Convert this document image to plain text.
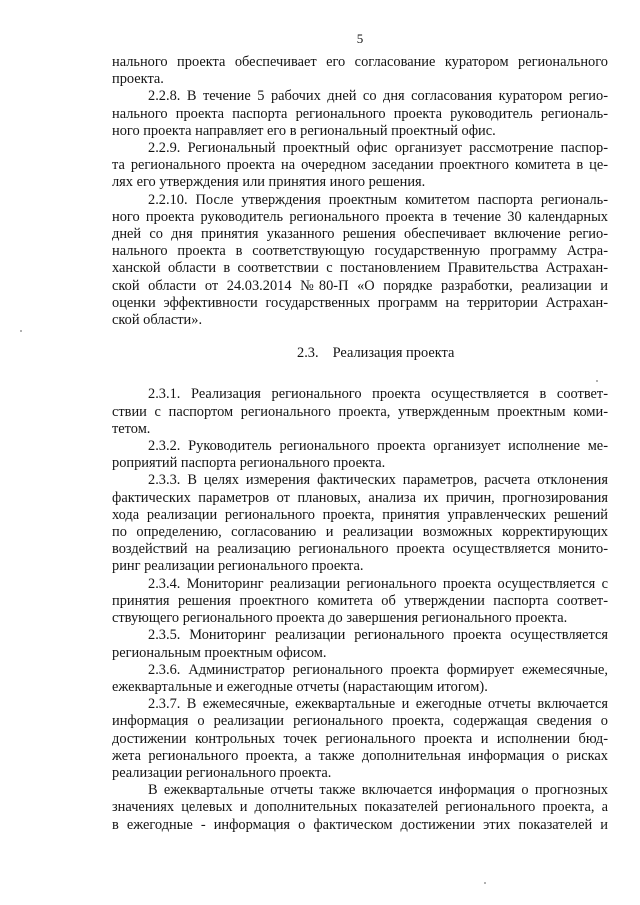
5
нального проекта обеспечивает его согласование куратором регионального
проекта.
2.2.8. В течение 5 рабочих дней со дня согласования куратором регио-
нального проекта паспорта регионального проекта руководитель региональ-
ного проекта направляет его в региональный проектный офис.
2.2.9. Региональный проектный офис организует рассмотрение паспор-
та регионального проекта на очередном заседании проектного комитета в це-
лях его утверждения или принятия иного решения.
2.2.10. После утверждения проектным комитетом паспорта региональ-
ного проекта руководитель регионального проекта в течение 30 календарных
дней со дня принятия указанного решения обеспечивает включение регио-
нального проекта в соответствующую государственную программу Астра-
ханской области в соответствии с постановлением Правительства Астрахан-
ской области от 24.03.2014 №80-П «О порядке разработки, реализации и
оценки эффективности государственных программ на территории Астрахан-
ской области».
2.3. Реализация проекта
2.3.1. Реализация регионального проекта осуществляется в соответ-
ствии с паспортом регионального проекта, утвержденным проектным коми-
тетом.
2.3.2. Руководитель регионального проекта организует исполнение ме-
роприятий паспорта регионального проекта.
2.3.3. В целях измерения фактических параметров, расчета отклонения
фактических параметров от плановых, анализа их причин, прогнозирования
хода реализации регионального проекта, принятия управленческих решений
по определению, согласованию и реализации возможных корректирующих
воздействий на реализацию регионального проекта осуществляется монито-
ринг реализации регионального проекта.
2.3.4. Мониторинг реализации регионального проекта осуществляется с
принятия решения проектного комитета об утверждении паспорта соответ-
ствующего регионального проекта до завершения регионального проекта.
2.3.5. Мониторинг реализации регионального проекта осуществляется
региональным проектным офисом.
2.3.6. Администратор регионального проекта формирует ежемесячные,
ежеквартальные и ежегодные отчеты (нарастающим итогом).
2.3.7. В ежемесячные, ежеквартальные и ежегодные отчеты включается
информация о реализации регионального проекта, содержащая сведения о
достижении контрольных точек регионального проекта и исполнении бюд-
жета регионального проекта, а также дополнительная информация о рисках
реализации регионального проекта.
В ежеквартальные отчеты также включается информация о прогнозных
значениях целевых и дополнительных показателей регионального проекта, а
в ежегодные - информация о фактическом достижении этих показателей и
